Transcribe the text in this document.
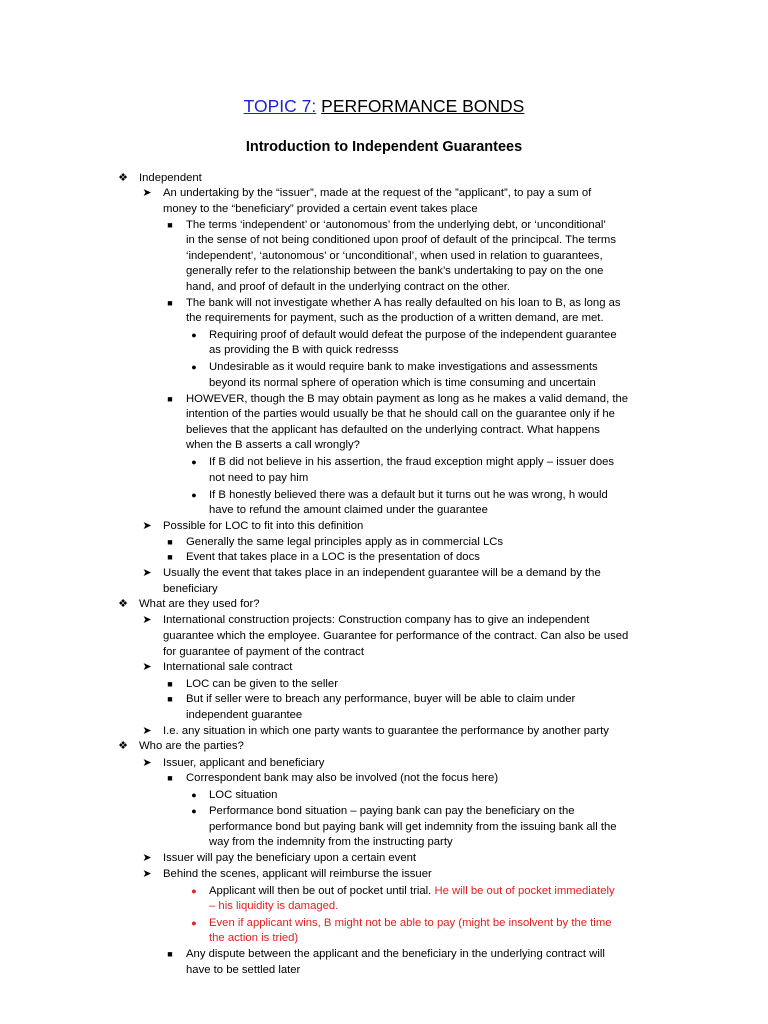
TOPIC 7: PERFORMANCE BONDS
Introduction to Independent Guarantees
❖ Independent
➤ An undertaking by the “issuer”, made at the request of the ”applicant”, to pay a sum of
money to the “beneficiary” provided a certain event takes place
■	The terms ‘independent’ or ‘autonomous’ from the underlying debt, or ‘unconditional’
in the sense of not being conditioned upon proof of default of the principcal. The terms
‘independent’, ‘autonomous’ or ‘unconditional’, when used in relation to guarantees,
generally refer to the relationship between the bank’s undertaking to pay on the one
hand, and proof of default in the underlying contract on the other.
■	The bank will not investigate whether A has really defaulted on his loan to B, as long as
the requirements for payment, such as the production of a written demand, are met.
●	Requiring proof of default would defeat the purpose of the independent guarantee
as providing the B with quick redresss
●	Undesirable as it would require bank to make investigations and assessments
beyond its normal sphere of operation which is time consuming and uncertain
■	HOWEVER, though the B may obtain payment as long as he makes a valid demand, the
intention of the parties would usually be that he should call on the guarantee only if he
believes that the applicant has defaulted on the underlying contract. What happens
when the B asserts a call wrongly?
●	If B did not believe in his assertion, the fraud exception might apply – issuer does
not need to pay him
●	If B honestly believed there was a default but it turns out he was wrong, h would
have to refund the amount claimed under the guarantee
➤ Possible for LOC to fit into this definition
■	Generally the same legal principles apply as in commercial LCs
■	Event that takes place in a LOC is the presentation of docs
➤ Usually the event that takes place in an independent guarantee will be a demand by the
beneficiary
❖ What are they used for?
➤ International construction projects: Construction company has to give an independent
guarantee which the employee. Guarantee for performance of the contract. Can also be used
for guarantee of payment of the contract
➤ International sale contract
■	LOC can be given to the seller
■	But if seller were to breach any performance, buyer will be able to claim under
independent guarantee
➤ I.e. any situation in which one party wants to guarantee the performance by another party
❖ Who are the parties?
➤ Issuer, applicant and beneficiary
■	Correspondent bank may also be involved (not the focus here)
●	LOC situation
●	Performance bond situation – paying bank can pay the beneficiary on the
performance bond but paying bank will get indemnity from the issuing bank all the
way from the indemnity from the instructing party
➤ Issuer will pay the beneficiary upon a certain event
➤ Behind the scenes, applicant will reimburse the issuer
●	Applicant will then be out of pocket until trial. He will be out of pocket immediately
– his liquidity is damaged.
●	Even if applicant wins, B might not be able to pay (might be insolvent by the time
the action is tried)
■	Any dispute between the applicant and the beneficiary in the underlying contract will
have to be settled later
